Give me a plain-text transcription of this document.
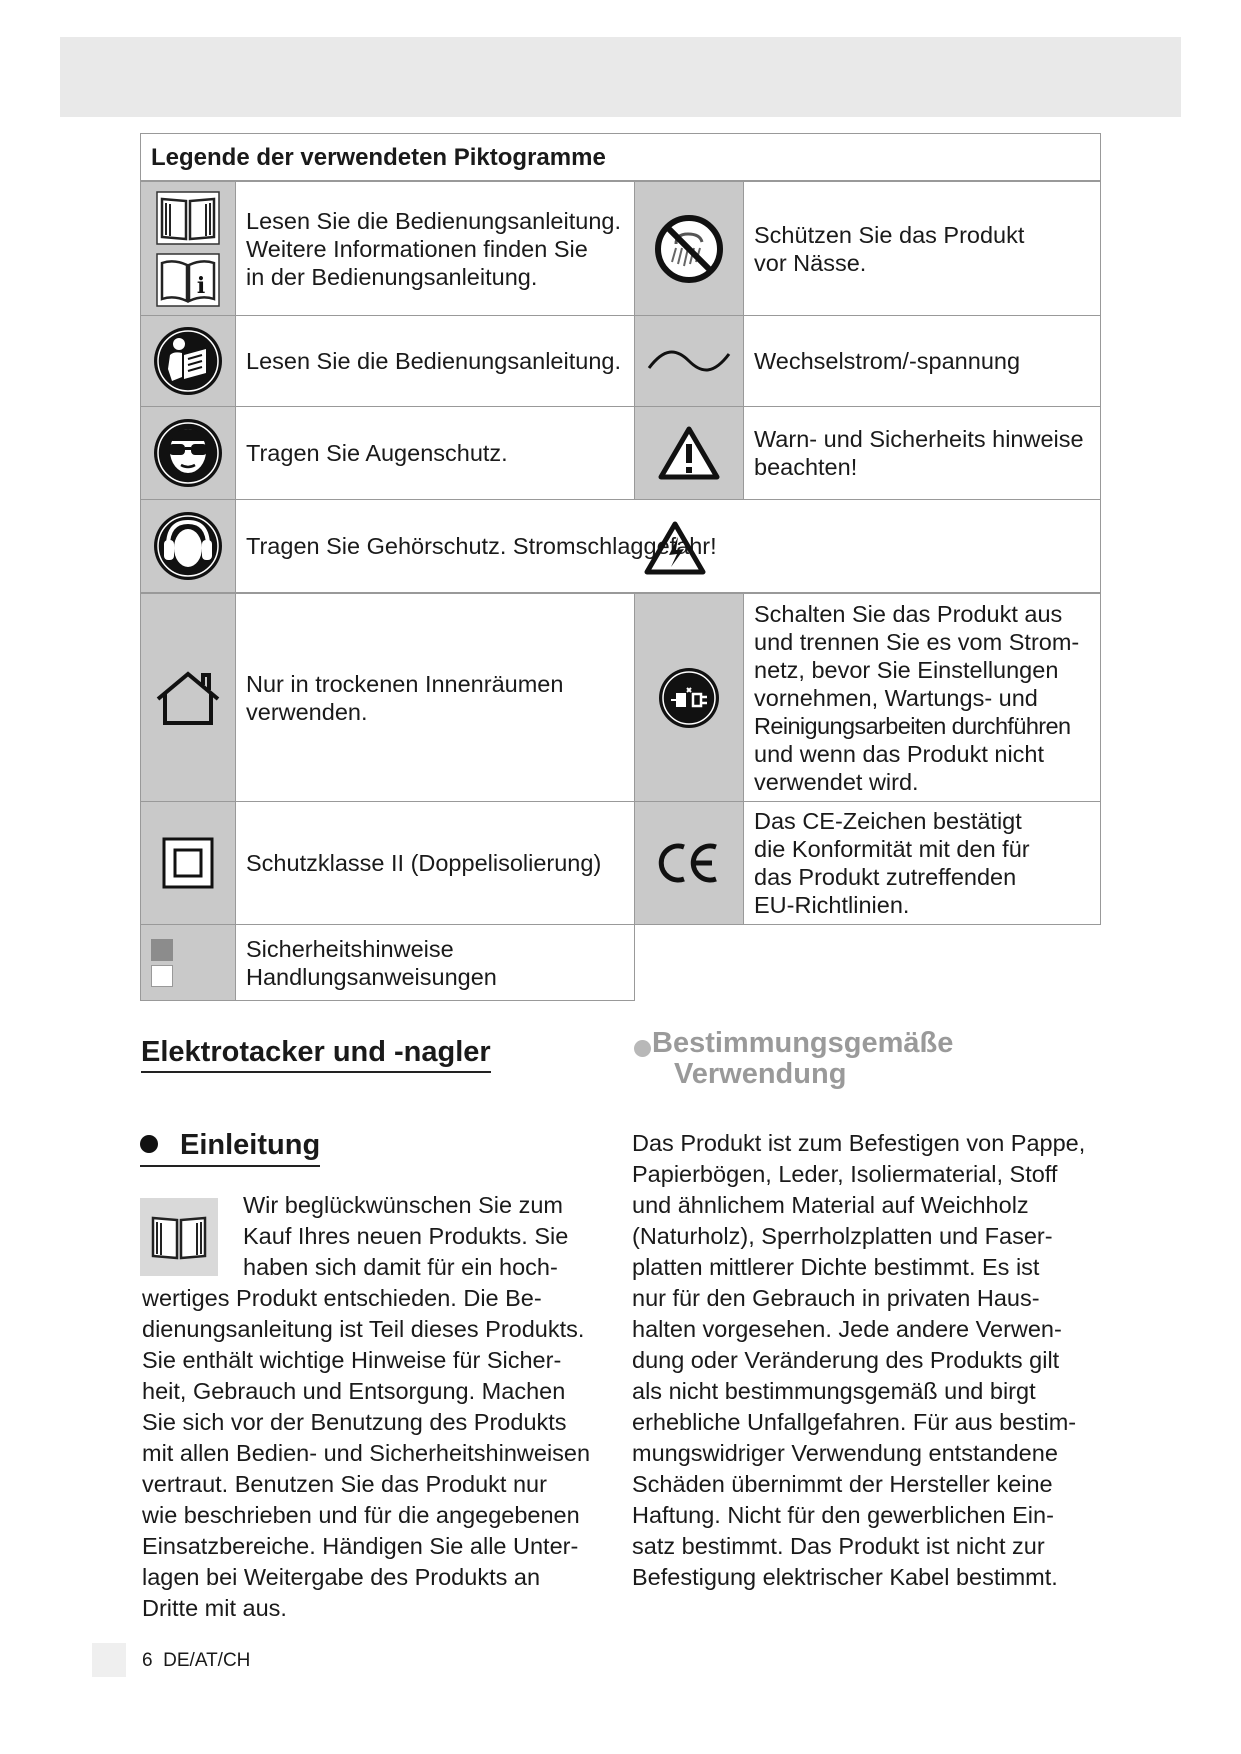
Legende der verwendeten Piktogramme
i
Lesen Sie die Bedienungsanleitung.
Weitere Informationen finden Sie
in der Bedienungsanleitung.
Schützen Sie das Produkt
vor Nässe.
Lesen Sie die Bedienungsanleitung.	Wechselstrom/-spannung
Tragen Sie Augenschutz.
Warn- und Sicherheits hinweise
beachten!
Tragen Sie Gehörschutz. Stromschlaggefahr!
Nur in trockenen Innenräumen
verwenden.
Schalten Sie das Produkt aus
und trennen Sie es vom Strom-
netz, bevor Sie Einstellungen
vornehmen, Wartungs- und
Reinigungsarbeiten durchführen
und wenn das Produkt nicht
verwendet wird.
Schutzklasse II (Doppelisolierung)
Das CE-Zeichen bestätigt
die Konformität mit den für
das Produkt zutreffenden
EU-Richtlinien.
Sicherheitshinweise
Handlungsanweisungen
Elektrotacker und -nagler
Einleitung

Wir beglückwünschen Sie zum

Kauf Ihres neuen Produkts. Sie

haben sich damit für ein hoch-

wertiges Produkt entschieden. Die Be-

dienungsanleitung ist Teil dieses Produkts.

Sie enthält wichtige Hinweise für Sicher-

heit, Gebrauch und Entsorgung. Machen

Sie sich vor der Benutzung des Produkts

mit allen Bedien- und Sicherheitshinweisen

vertraut. Benutzen Sie das Produkt nur

wie beschrieben und für die angegebenen

Einsatzbereiche. Händigen Sie alle Unter-

lagen bei Weitergabe des Produkts an

Dritte mit aus.

Bestimmungsgemäße
Verwendung
Das Produkt ist zum Befestigen von Pappe,
Papierbögen, Leder, Isoliermaterial, Stoff
und ähnlichem Material auf Weichholz
(Naturholz), Sperrholzplatten und Faser-
platten mittlerer Dichte bestimmt. Es ist
nur für den Gebrauch in privaten Haus-
halten vorgesehen. Jede andere Verwen-
dung oder Veränderung des Produkts gilt
als nicht bestimmungsgemäß und birgt
erhebliche Unfallgefahren. Für aus bestim-
mungswidriger Verwendung entstandene
Schäden übernimmt der Hersteller keine
Haftung. Nicht für den gewerblichen Ein-
satz bestimmt. Das Produkt ist nicht zur
Befestigung elektrischer Kabel bestimmt.
6 DE/AT/CH
